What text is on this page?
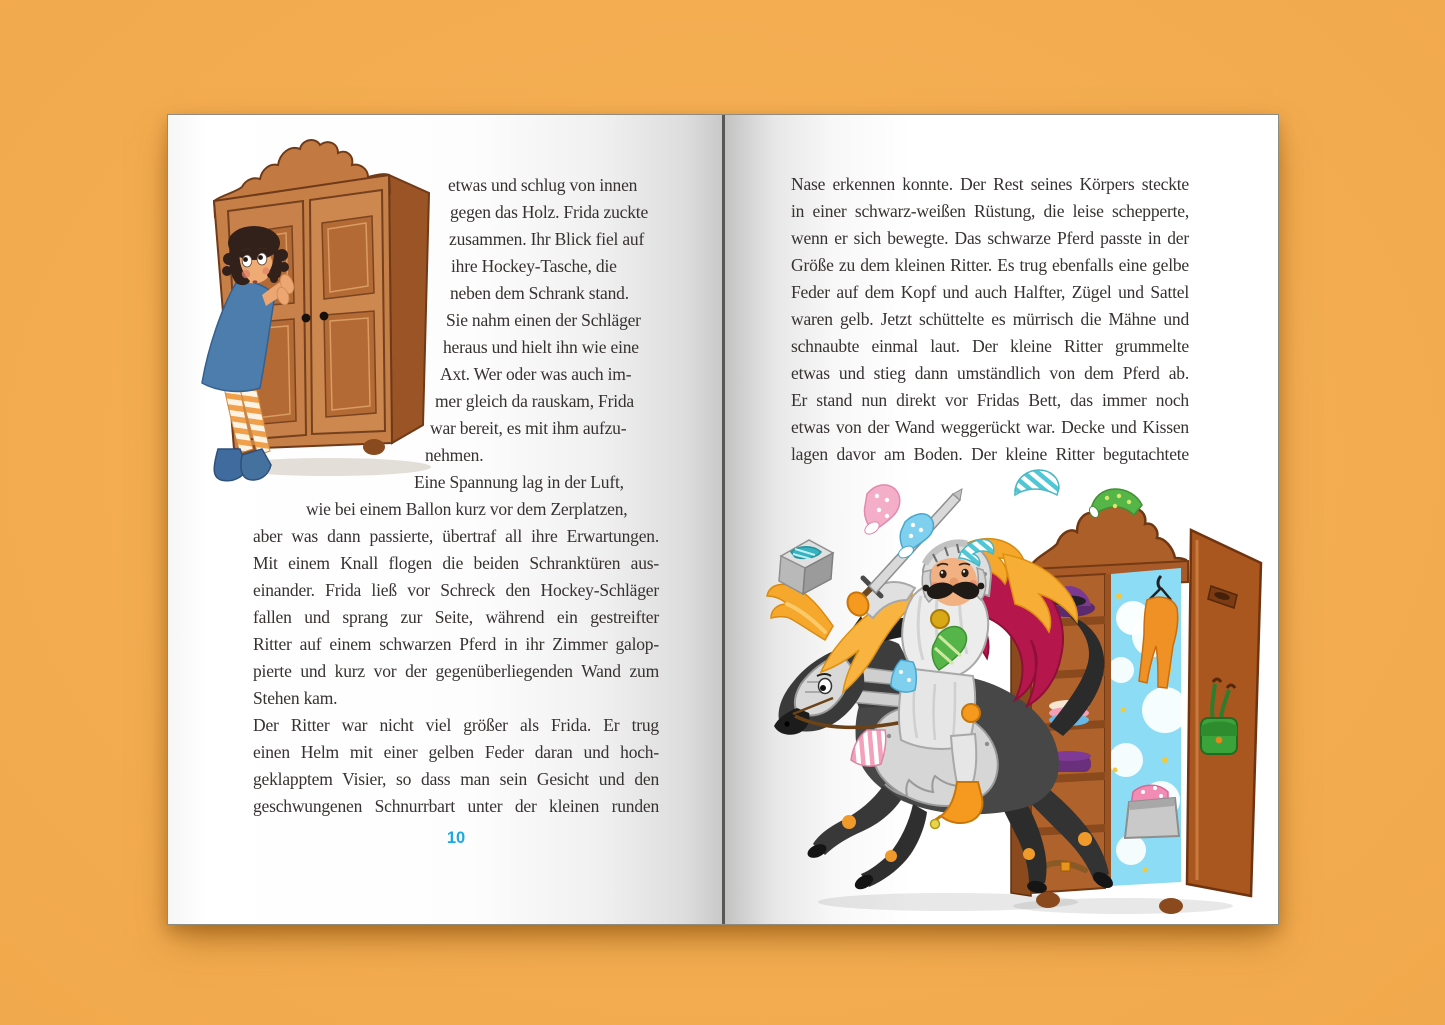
etwas und schlug von innen
gegen das Holz. Frida zuckte
zusammen. Ihr Blick fiel auf
ihre Hockey-Tasche, die
neben dem Schrank stand.
Sie nahm einen der Schläger
heraus und hielt ihn wie eine
Axt. Wer oder was auch im-
mer gleich da rauskam, Frida
war bereit, es mit ihm aufzu-
nehmen.
Eine Spannung lag in der Luft,
wie bei einem Ballon kurz vor dem Zerplatzen,
aber was dann passierte, übertraf all ihre Erwartungen.
Mit einem Knall flogen die beiden Schranktüren aus-
einander. Frida ließ vor Schreck den Hockey-Schläger
fallen und sprang zur Seite, während ein gestreifter
Ritter auf einem schwarzen Pferd in ihr Zimmer galop-
pierte und kurz vor der gegenüberliegenden Wand zum
Stehen kam.
Der Ritter war nicht viel größer als Frida. Er trug
einen Helm mit einer gelben Feder daran und hoch-
geklapptem Visier, so dass man sein Gesicht und den
geschwungenen Schnurrbart unter der kleinen runden
10
Nase erkennen konnte. Der Rest seines Körpers steckte
in einer schwarz-weißen Rüstung, die leise schepperte,
wenn er sich bewegte. Das schwarze Pferd passte in der
Größe zu dem kleinen Ritter. Es trug ebenfalls eine gelbe
Feder auf dem Kopf und auch Halfter, Zügel und Sattel
waren gelb. Jetzt schüttelte es mürrisch die Mähne und
schnaubte einmal laut. Der kleine Ritter grummelte
etwas und stieg dann umständlich von dem Pferd ab.
Er stand nun direkt vor Fridas Bett, das immer noch
etwas von der Wand weggerückt war. Decke und Kissen
lagen davor am Boden. Der kleine Ritter begutachtete
